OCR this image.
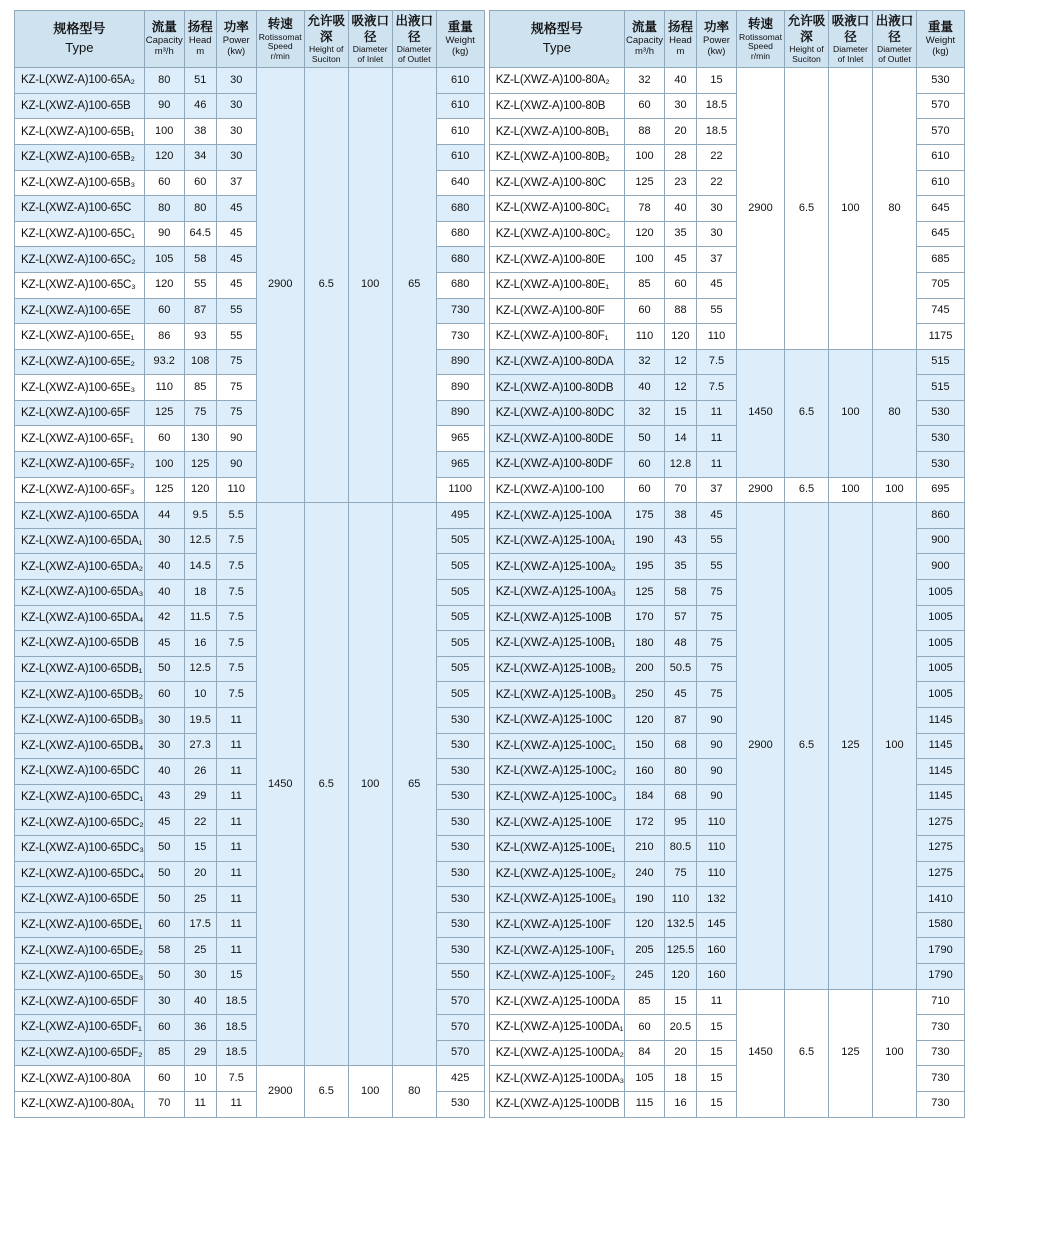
规格型号
Type	流量
Capacity
m³/h	扬程
Head
m	功率
Power
(kw)	转速
Rotissomat Speed
r/min	允许吸深
Height of Suciton	吸液口径
Diameter of Inlet	出液口径
Diameter of Outlet	重量
Weight
(kg)

KZ-L(XWZ-A)100-65A₂	80	51	30	2900	6.5	100	65	610
KZ-L(XWZ-A)100-65B	90	46	30					610
KZ-L(XWZ-A)100-65B₁	100	38	30					610
KZ-L(XWZ-A)100-65B₂	120	34	30					610
KZ-L(XWZ-A)100-65B₃	60	60	37					640
KZ-L(XWZ-A)100-65C	80	80	45					680
KZ-L(XWZ-A)100-65C₁	90	64.5	45					680
KZ-L(XWZ-A)100-65C₂	105	58	45					680
KZ-L(XWZ-A)100-65C₃	120	55	45					680
KZ-L(XWZ-A)100-65E	60	87	55					730
KZ-L(XWZ-A)100-65E₁	86	93	55					730
KZ-L(XWZ-A)100-65E₂	93.2	108	75					890
KZ-L(XWZ-A)100-65E₃	110	85	75					890
KZ-L(XWZ-A)100-65F	125	75	75					890
KZ-L(XWZ-A)100-65F₁	60	130	90					965
KZ-L(XWZ-A)100-65F₂	100	125	90					965
KZ-L(XWZ-A)100-65F₃	125	120	110					1100
KZ-L(XWZ-A)100-65DA	44	9.5	5.5	1450	6.5	100	65	495
KZ-L(XWZ-A)100-65DA₁	30	12.5	7.5					505
KZ-L(XWZ-A)100-65DA₂	40	14.5	7.5					505
KZ-L(XWZ-A)100-65DA₃	40	18	7.5					505
KZ-L(XWZ-A)100-65DA₄	42	11.5	7.5					505
KZ-L(XWZ-A)100-65DB	45	16	7.5					505
KZ-L(XWZ-A)100-65DB₁	50	12.5	7.5					505
KZ-L(XWZ-A)100-65DB₂	60	10	7.5					505
KZ-L(XWZ-A)100-65DB₃	30	19.5	11					530
KZ-L(XWZ-A)100-65DB₄	30	27.3	11					530
KZ-L(XWZ-A)100-65DC	40	26	11					530
KZ-L(XWZ-A)100-65DC₁	43	29	11					530
KZ-L(XWZ-A)100-65DC₂	45	22	11					530
KZ-L(XWZ-A)100-65DC₃	50	15	11					530
KZ-L(XWZ-A)100-65DC₄	50	20	11					530
KZ-L(XWZ-A)100-65DE	50	25	11					530
KZ-L(XWZ-A)100-65DE₁	60	17.5	11					530
KZ-L(XWZ-A)100-65DE₂	58	25	11					530
KZ-L(XWZ-A)100-65DE₃	50	30	15					550
KZ-L(XWZ-A)100-65DF	30	40	18.5					570
KZ-L(XWZ-A)100-65DF₁	60	36	18.5					570
KZ-L(XWZ-A)100-65DF₂	85	29	18.5					570
KZ-L(XWZ-A)100-80A	60	10	7.5	2900	6.5	100	80	425
KZ-L(XWZ-A)100-80A₁	70	11	11					530
规格型号
Type	流量
Capacity
m³/h	扬程
Head
m	功率
Power
(kw)	转速
Rotissomat Speed
r/min	允许吸深
Height of Suciton	吸液口径
Diameter of Inlet	出液口径
Diameter of Outlet	重量
Weight
(kg)

KZ-L(XWZ-A)100-80A₂	32	40	15	2900	6.5	100	80	530
KZ-L(XWZ-A)100-80B	60	30	18.5					570
KZ-L(XWZ-A)100-80B₁	88	20	18.5					570
KZ-L(XWZ-A)100-80B₂	100	28	22					610
KZ-L(XWZ-A)100-80C	125	23	22					610
KZ-L(XWZ-A)100-80C₁	78	40	30					645
KZ-L(XWZ-A)100-80C₂	120	35	30					645
KZ-L(XWZ-A)100-80E	100	45	37					685
KZ-L(XWZ-A)100-80E₁	85	60	45					705
KZ-L(XWZ-A)100-80F	60	88	55					745
KZ-L(XWZ-A)100-80F₁	110	120	110					1175
KZ-L(XWZ-A)100-80DA	32	12	7.5	1450	6.5	100	80	515
KZ-L(XWZ-A)100-80DB	40	12	7.5					515
KZ-L(XWZ-A)100-80DC	32	15	11					530
KZ-L(XWZ-A)100-80DE	50	14	11					530
KZ-L(XWZ-A)100-80DF	60	12.8	11					530
KZ-L(XWZ-A)100-100	60	70	37	2900	6.5	100	100	695
KZ-L(XWZ-A)125-100A	175	38	45	2900	6.5	125	100	860
KZ-L(XWZ-A)125-100A₁	190	43	55					900
KZ-L(XWZ-A)125-100A₂	195	35	55					900
KZ-L(XWZ-A)125-100A₃	125	58	75					1005
KZ-L(XWZ-A)125-100B	170	57	75					1005
KZ-L(XWZ-A)125-100B₁	180	48	75					1005
KZ-L(XWZ-A)125-100B₂	200	50.5	75					1005
KZ-L(XWZ-A)125-100B₃	250	45	75					1005
KZ-L(XWZ-A)125-100C	120	87	90					1145
KZ-L(XWZ-A)125-100C₁	150	68	90					1145
KZ-L(XWZ-A)125-100C₂	160	80	90					1145
KZ-L(XWZ-A)125-100C₃	184	68	90					1145
KZ-L(XWZ-A)125-100E	172	95	110					1275
KZ-L(XWZ-A)125-100E₁	210	80.5	110					1275
KZ-L(XWZ-A)125-100E₂	240	75	110					1275
KZ-L(XWZ-A)125-100E₃	190	110	132					1410
KZ-L(XWZ-A)125-100F	120	132.5	145					1580
KZ-L(XWZ-A)125-100F₁	205	125.5	160					1790
KZ-L(XWZ-A)125-100F₂	245	120	160					1790
KZ-L(XWZ-A)125-100DA	85	15	11	1450	6.5	125	100	710
KZ-L(XWZ-A)125-100DA₁	60	20.5	15					730
KZ-L(XWZ-A)125-100DA₂	84	20	15					730
KZ-L(XWZ-A)125-100DA₃	105	18	15					730
KZ-L(XWZ-A)125-100DB	115	16	15					730
